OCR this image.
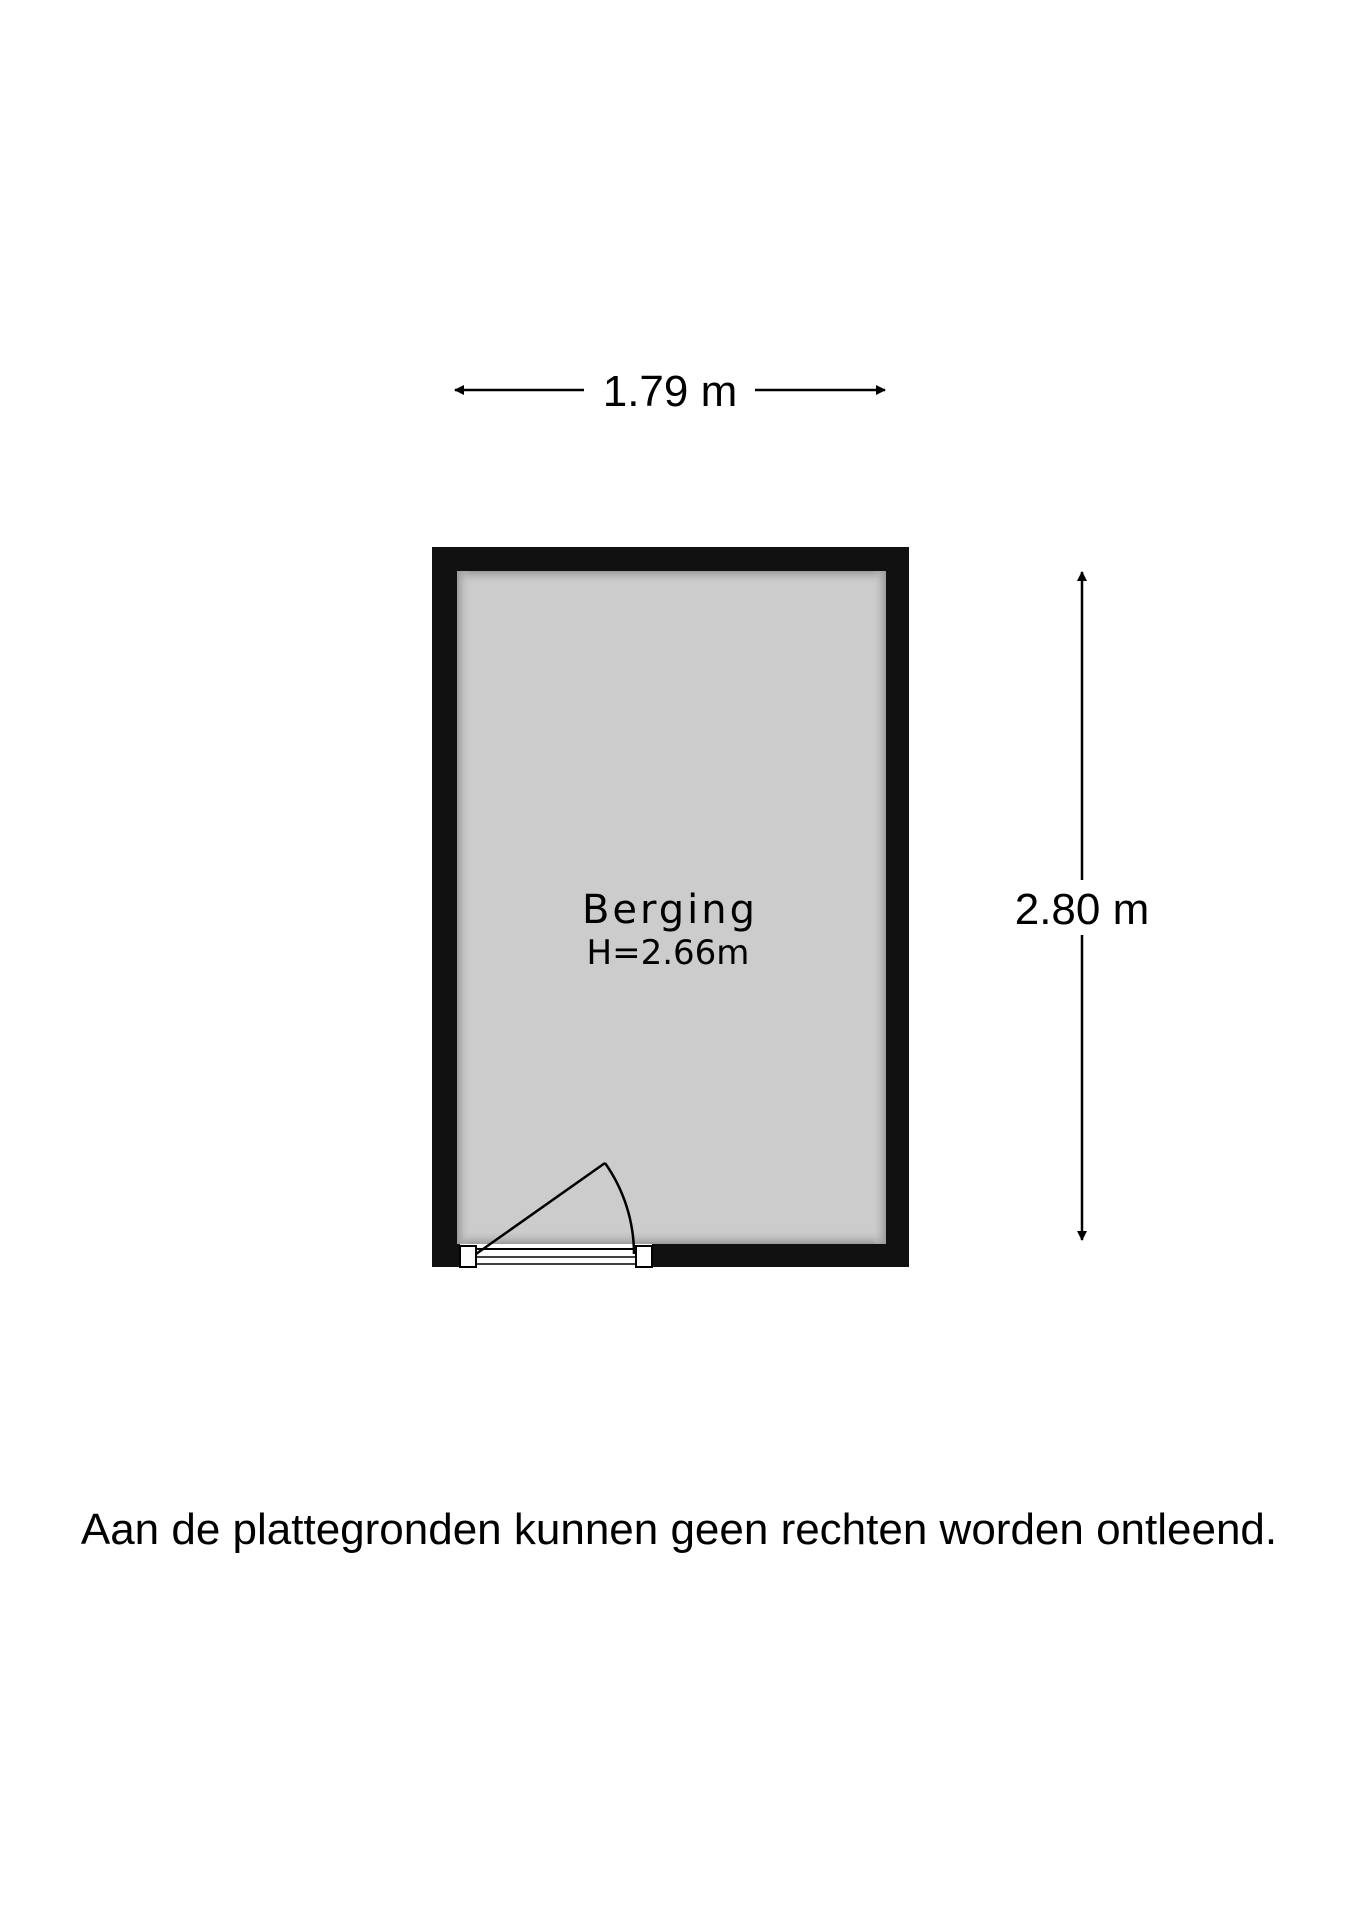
1.79 m
2.80 m
Berging
H=2.66m
Aan de plattegronden kunnen geen rechten worden ontleend.
